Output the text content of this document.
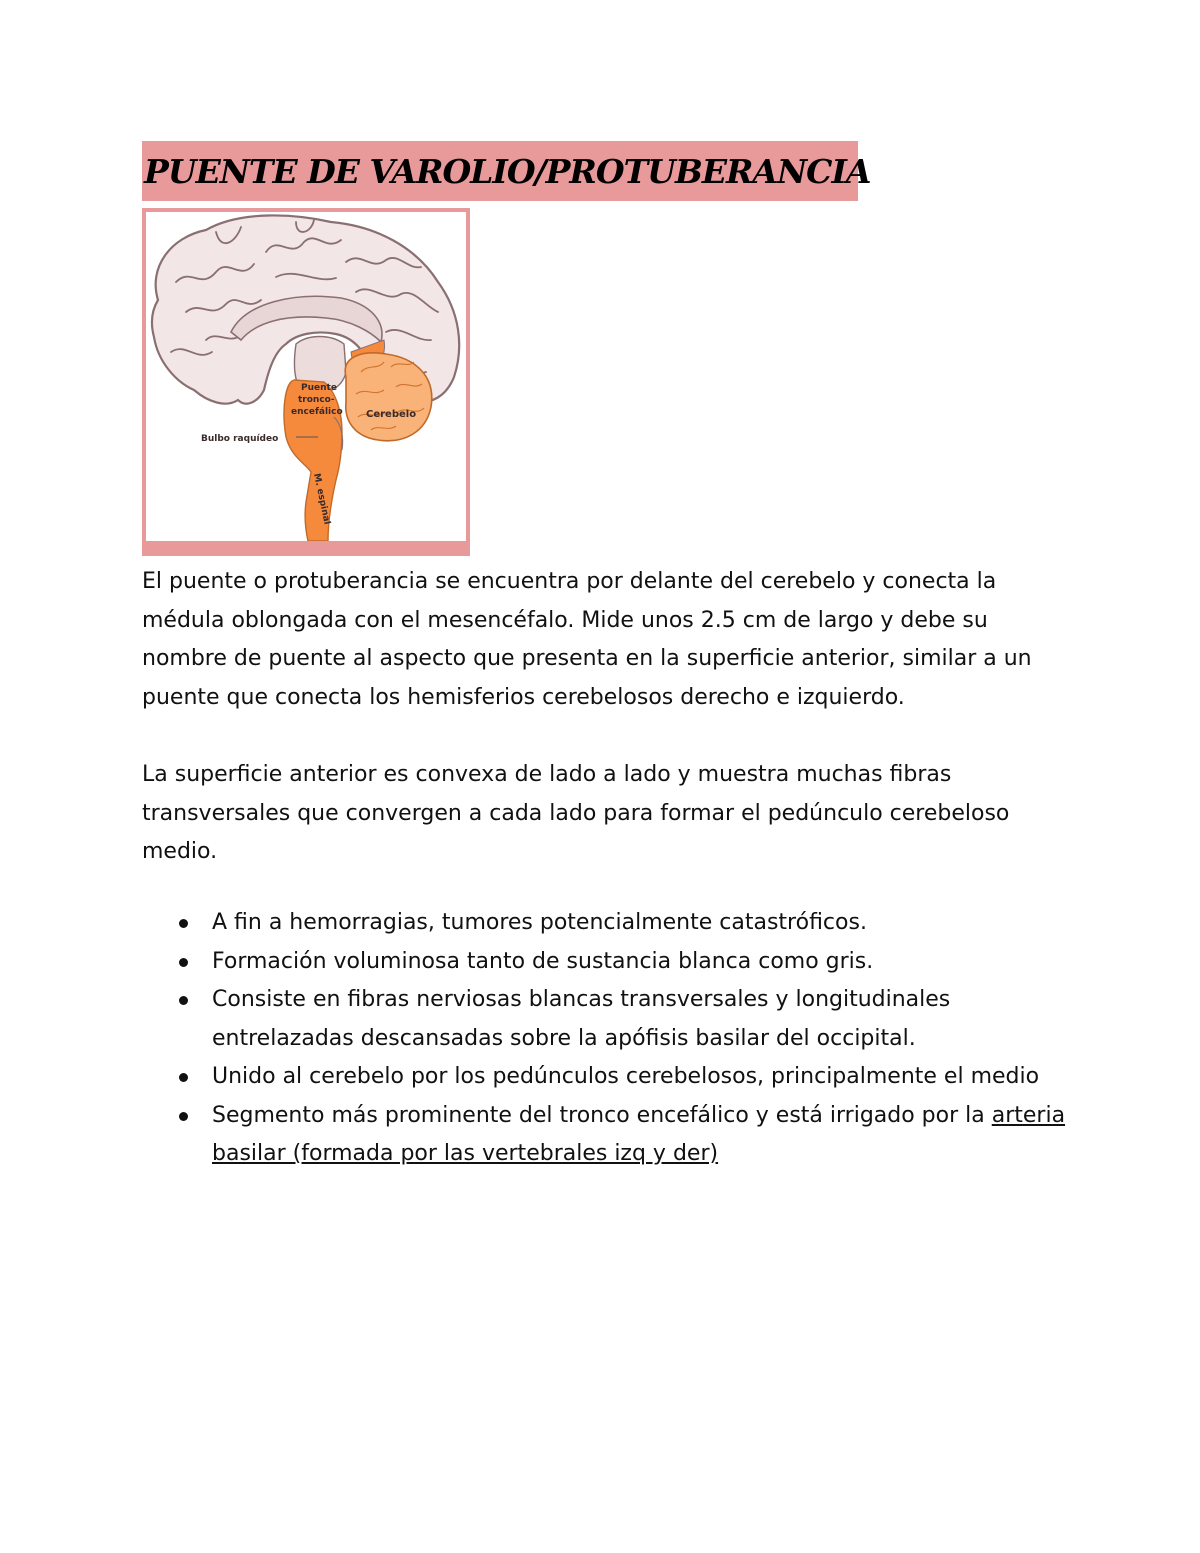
PUENTE DE VAROLIO/PROTUBERANCIA
Puente
tronco-
encefálico Cerebelo
Bulbo raquídeo
M. espinal

El puente o protuberancia se encuentra por delante del cerebelo y conecta la médula oblongada con el mesencéfalo. Mide unos 2.5 cm de largo y debe su nombre de puente al aspecto que presenta en la superficie anterior, similar a un puente que conecta los hemisferios cerebelosos derecho e izquierdo.

La superficie anterior es convexa de lado a lado y muestra muchas fibras transversales que convergen a cada lado para formar el pedúnculo cerebeloso medio.

A fin a hemorragias, tumores potencialmente catastróficos.
Formación voluminosa tanto de sustancia blanca como gris.
Consiste en fibras nerviosas blancas transversales y longitudinales entrelazadas descansadas sobre la apófisis basilar del occipital.
Unido al cerebelo por los pedúnculos cerebelosos, principalmente el medio
Segmento más prominente del tronco encefálico y está irrigado por la arteria basilar (formada por las vertebrales izq y der)
